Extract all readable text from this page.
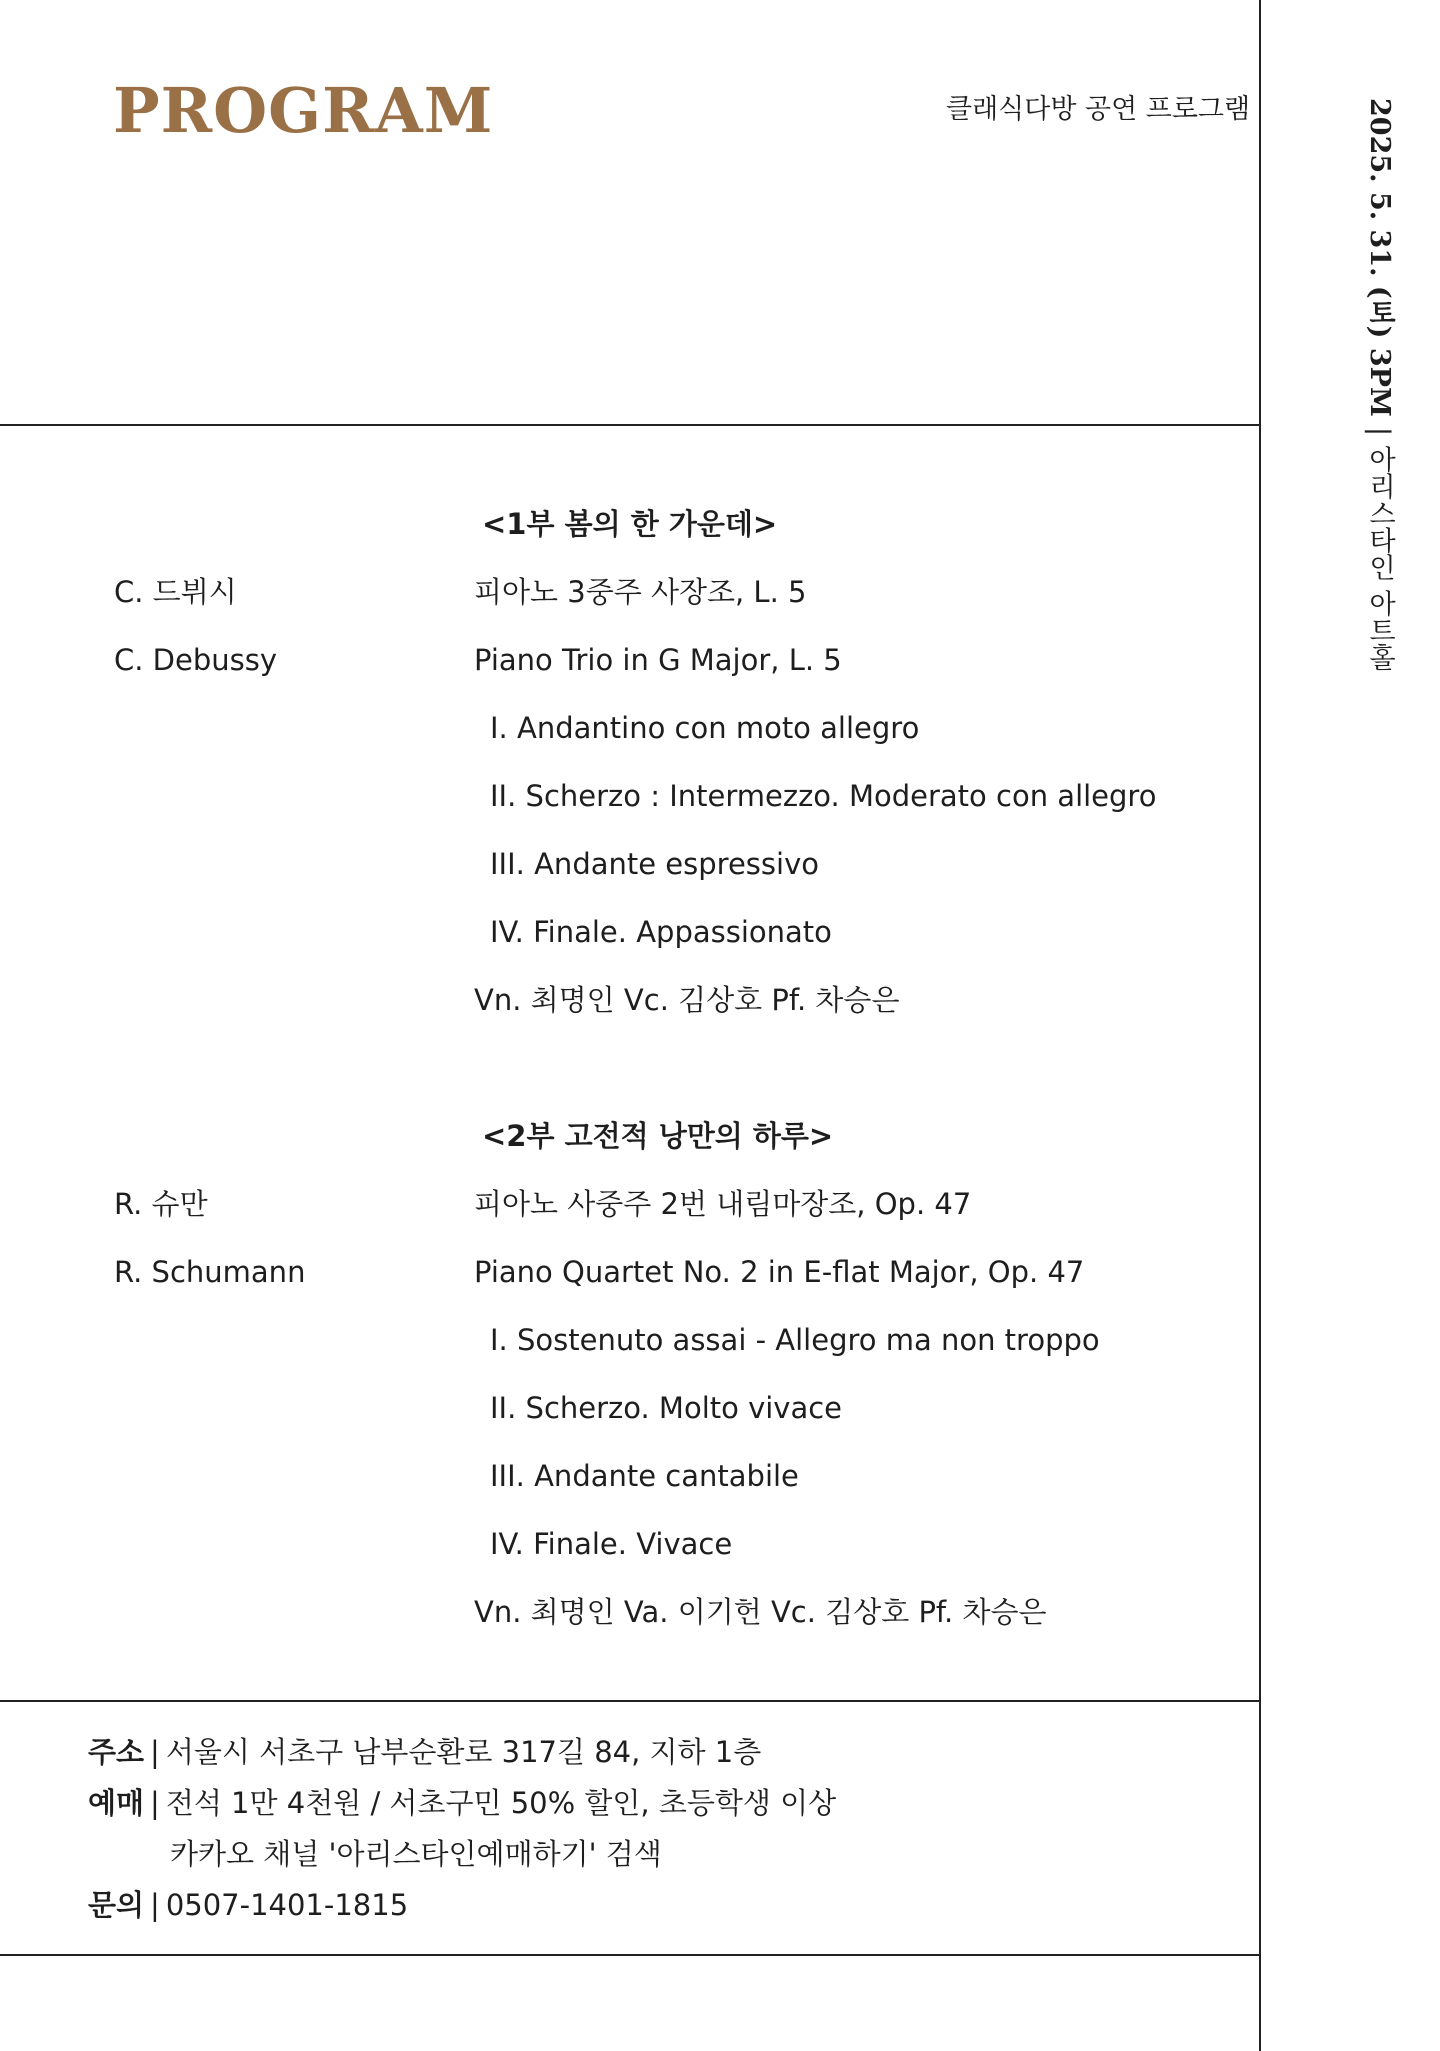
PROGRAM	클래식다방 공연 프로그램	2025. 5. 31. (토) 3PM|아리스타인 아트홀
<1부 봄의 한 가운데>
C. 드뷔시	피아노 3중주 사장조, L. 5
C. Debussy	Piano Trio in G Major, L. 5
I. Andantino con moto allegro
II. Scherzo : Intermezzo. Moderato con allegro
III. Andante espressivo
IV. Finale. Appassionato
Vn. 최명인 Vc. 김상호 Pf. 차승은
<2부 고전적 낭만의 하루>
R. 슈만	피아노 사중주 2번 내림마장조, Op. 47
R. Schumann	Piano Quartet No. 2 in E-flat Major, Op. 47
I. Sostenuto assai - Allegro ma non troppo
II. Scherzo. Molto vivace
III. Andante cantabile
IV. Finale. Vivace
Vn. 최명인 Va. 이기헌 Vc. 김상호 Pf. 차승은
주소 | 서울시 서초구 남부순환로 317길 84, 지하 1층
예매 | 전석 1만 4천원 / 서초구민 50% 할인, 초등학생 이상
카카오 채널 '아리스타인예매하기' 검색
문의 | 0507-1401-1815
